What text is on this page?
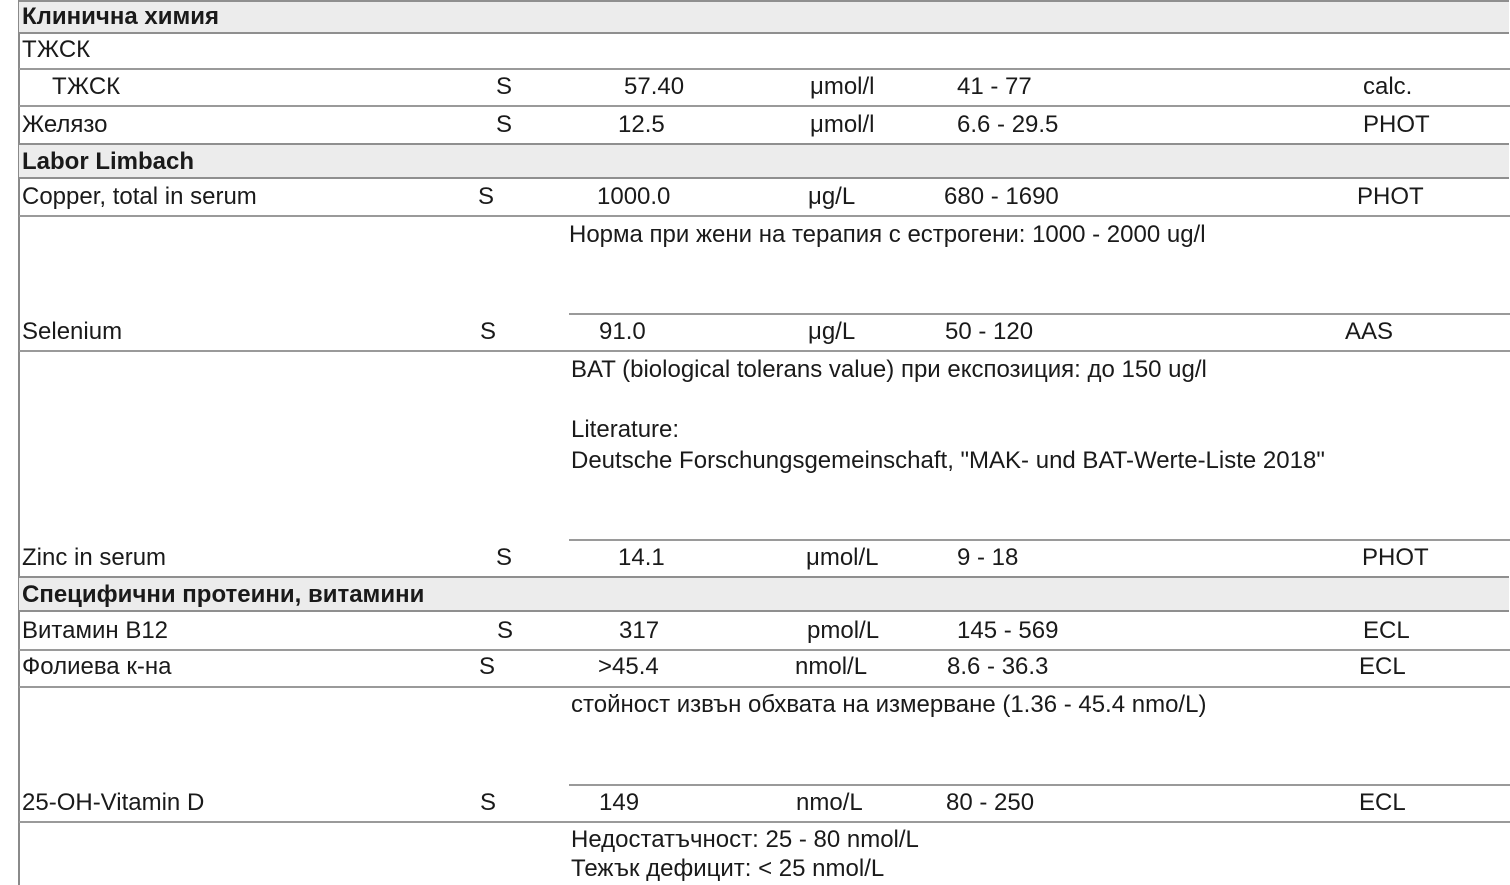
Клинична химия
ТЖСК
ТЖСК	S	57.40	μmol/l	41 - 77	calc.
Желязо	S	12.5	μmol/l	6.6 - 29.5	PHOT
Labor Limbach
Copper, total in serum	S	1000.0	μg/L	680 - 1690	PHOT
Норма при жени на терапия с естрогени: 1000 - 2000 ug/l
Selenium	S	91.0	μg/L	50 - 120	AAS
BAT (biological tolerans value) при експозиция: до 150 ug/l
Literature:
Deutsche Forschungsgemeinschaft, "MAK- und BAT-Werte-Liste 2018"
Zinc in serum	S	14.1	μmol/L	9 - 18	PHOT
Специфични протеини, витамини
Витамин B12	S	317	pmol/L	145 - 569	ECL
Фолиева к-на	S	>45.4	nmol/L	8.6 - 36.3	ECL
стойност извън обхвата на измерване (1.36 - 45.4 nmo/L)
25-OH-Vitamin D	S	149	nmo/L	80 - 250	ECL
Недостатъчност: 25 - 80 nmol/L
Тежък дефицит: < 25 nmol/L
